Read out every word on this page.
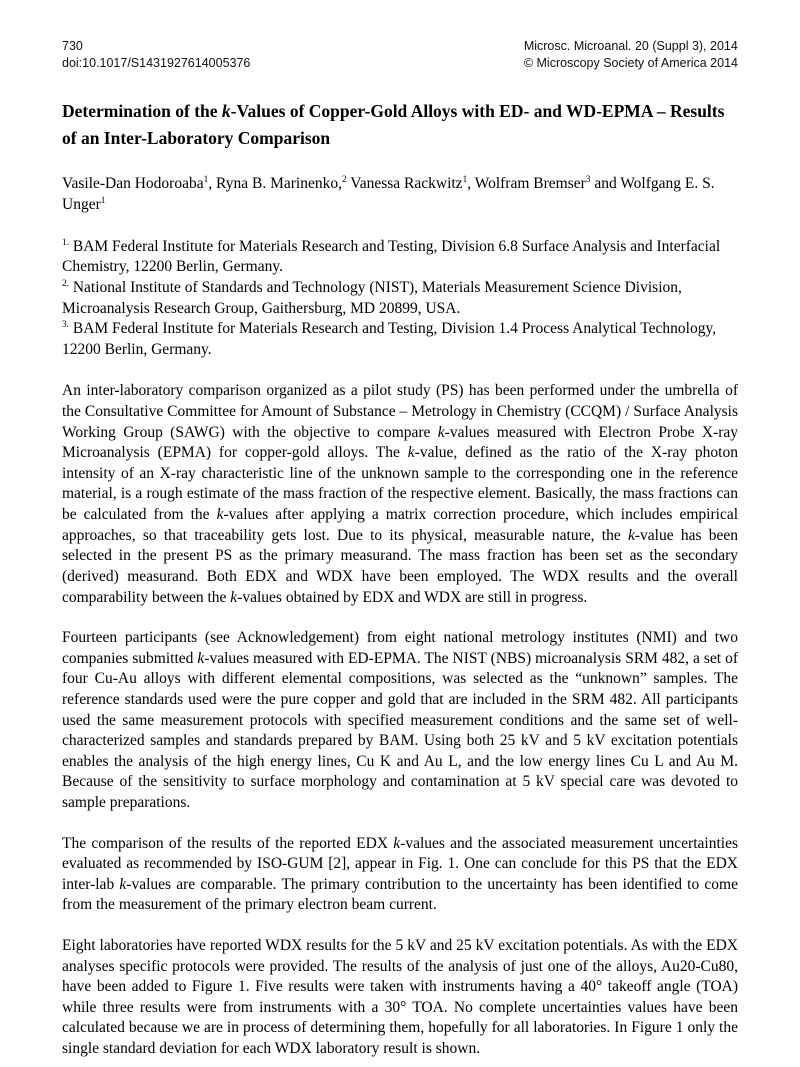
730
doi:10.1017/S1431927614005376
Microsc. Microanal. 20 (Suppl 3), 2014
© Microscopy Society of America 2014
Determination of the k-Values of Copper-Gold Alloys with ED- and WD-EPMA – Results of an Inter-Laboratory Comparison

Vasile-Dan Hodoroaba$^1$, Ryna B. Marinenko,$^2$ Vanessa Rackwitz$^1$, Wolfram Bremser$^3$ and Wolfgang E. S. Unger$^1$

$^{1.}$ BAM Federal Institute for Materials Research and Testing, Division 6.8 Surface Analysis and Interfacial Chemistry, 12200 Berlin, Germany.

$^{2.}$ National Institute of Standards and Technology (NIST), Materials Measurement Science Division, Microanalysis Research Group, Gaithersburg, MD 20899, USA.

$^{3.}$ BAM Federal Institute for Materials Research and Testing, Division 1.4 Process Analytical Technology, 12200 Berlin, Germany.

An inter-laboratory comparison organized as a pilot study (PS) has been performed under the umbrella of the Consultative Committee for Amount of Substance – Metrology in Chemistry (CCQM) / Surface Analysis Working Group (SAWG) with the objective to compare k-values measured with Electron Probe X-ray Microanalysis (EPMA) for copper-gold alloys. The k-value, defined as the ratio of the X-ray photon intensity of an X-ray characteristic line of the unknown sample to the corresponding one in the reference material, is a rough estimate of the mass fraction of the respective element. Basically, the mass fractions can be calculated from the k-values after applying a matrix correction procedure, which includes empirical approaches, so that traceability gets lost. Due to its physical, measurable nature, the k-value has been selected in the present PS as the primary measurand. The mass fraction has been set as the secondary (derived) measurand. Both EDX and WDX have been employed. The WDX results and the overall comparability between the k-values obtained by EDX and WDX are still in progress.

Fourteen participants (see Acknowledgement) from eight national metrology institutes (NMI) and two companies submitted k-values measured with ED-EPMA. The NIST (NBS) microanalysis SRM 482, a set of four Cu-Au alloys with different elemental compositions, was selected as the “unknown” samples. The reference standards used were the pure copper and gold that are included in the SRM 482. All participants used the same measurement protocols with specified measurement conditions and the same set of well-characterized samples and standards prepared by BAM. Using both 25 kV and 5 kV excitation potentials enables the analysis of the high energy lines, Cu K and Au L, and the low energy lines Cu L and Au M. Because of the sensitivity to surface morphology and contamination at 5 kV special care was devoted to sample preparations.

The comparison of the results of the reported EDX k-values and the associated measurement uncertainties evaluated as recommended by ISO-GUM [2], appear in Fig. 1. One can conclude for this PS that the EDX inter-lab k-values are comparable. The primary contribution to the uncertainty has been identified to come from the measurement of the primary electron beam current.

Eight laboratories have reported WDX results for the 5 kV and 25 kV excitation potentials. As with the EDX analyses specific protocols were provided. The results of the analysis of just one of the alloys, Au20-Cu80, have been added to Figure 1. Five results were taken with instruments having a 40° takeoff angle (TOA) while three results were from instruments with a 30° TOA. No complete uncertainties values have been calculated because we are in process of determining them, hopefully for all laboratories. In Figure 1 only the single standard deviation for each WDX laboratory result is shown.
